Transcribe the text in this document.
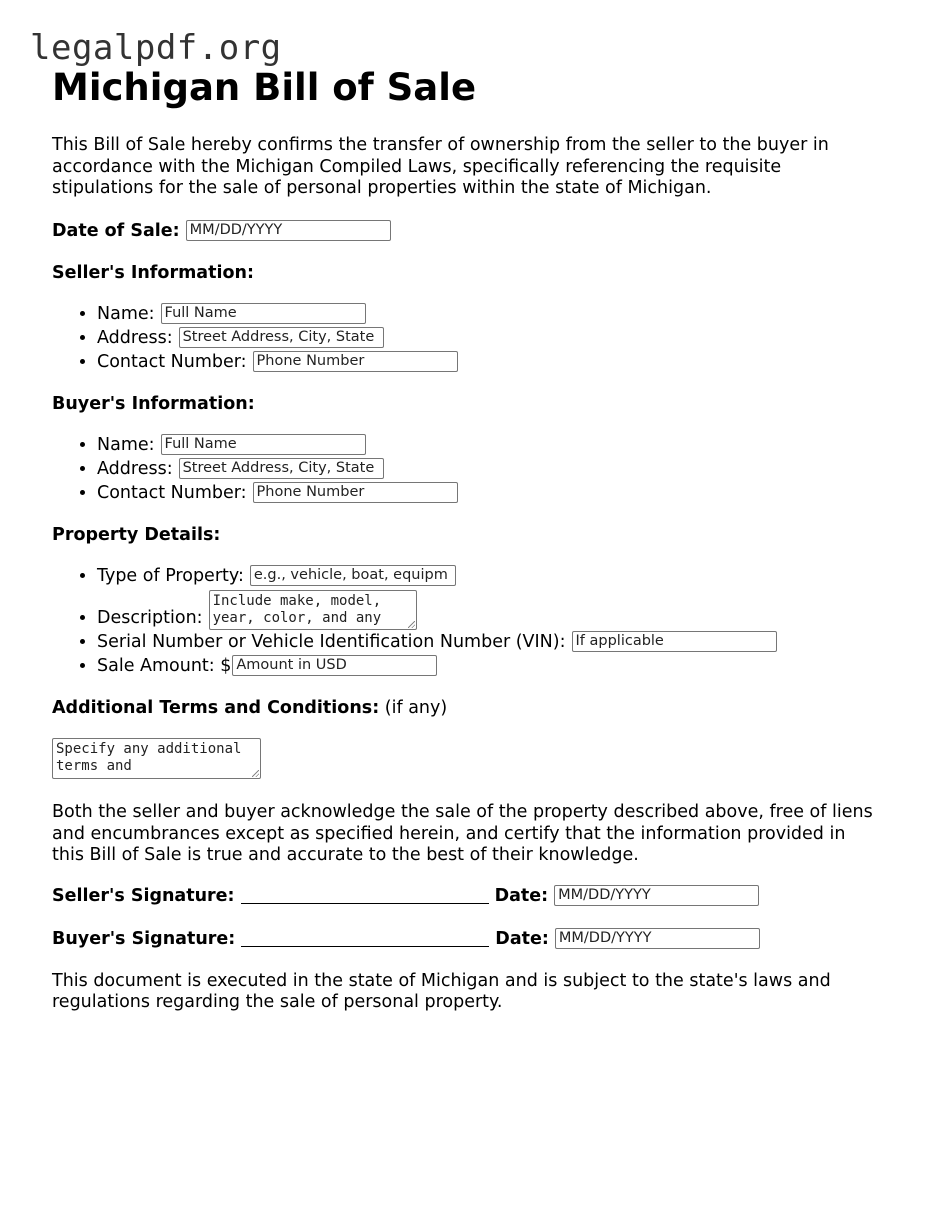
legalpdf.org
Michigan Bill of Sale

This Bill of Sale hereby confirms the transfer of ownership from the seller to the buyer in accordance with the Michigan Compiled Laws, specifically referencing the requisite stipulations for the sale of personal properties within the state of Michigan.

Date of Sale: MM/DD/YYYY
Seller's Information:
• Name: Full Name
• Address: Street Address, City, State
• Contact Number: Phone Number
Buyer's Information:
• Name: Full Name
• Address: Street Address, City, State
• Contact Number: Phone Number
Property Details:
• Type of Property: e.g., vehicle, boat, equipm
• Description:
Include make, model, year, color, and any
• Serial Number or Vehicle Identification Number (VIN): If applicable
• Sale Amount: $ Amount in USD

Additional Terms and Conditions: (if any)

Specify any additional terms and

Both the seller and buyer acknowledge the sale of the property described above, free of liens and encumbrances except as specified herein, and certify that the information provided in this Bill of Sale is true and accurate to the best of their knowledge.

Seller's Signature:	Date: MM/DD/YYYY
Buyer's Signature:	Date: MM/DD/YYYY

This document is executed in the state of Michigan and is subject to the state's laws and regulations regarding the sale of personal property.
